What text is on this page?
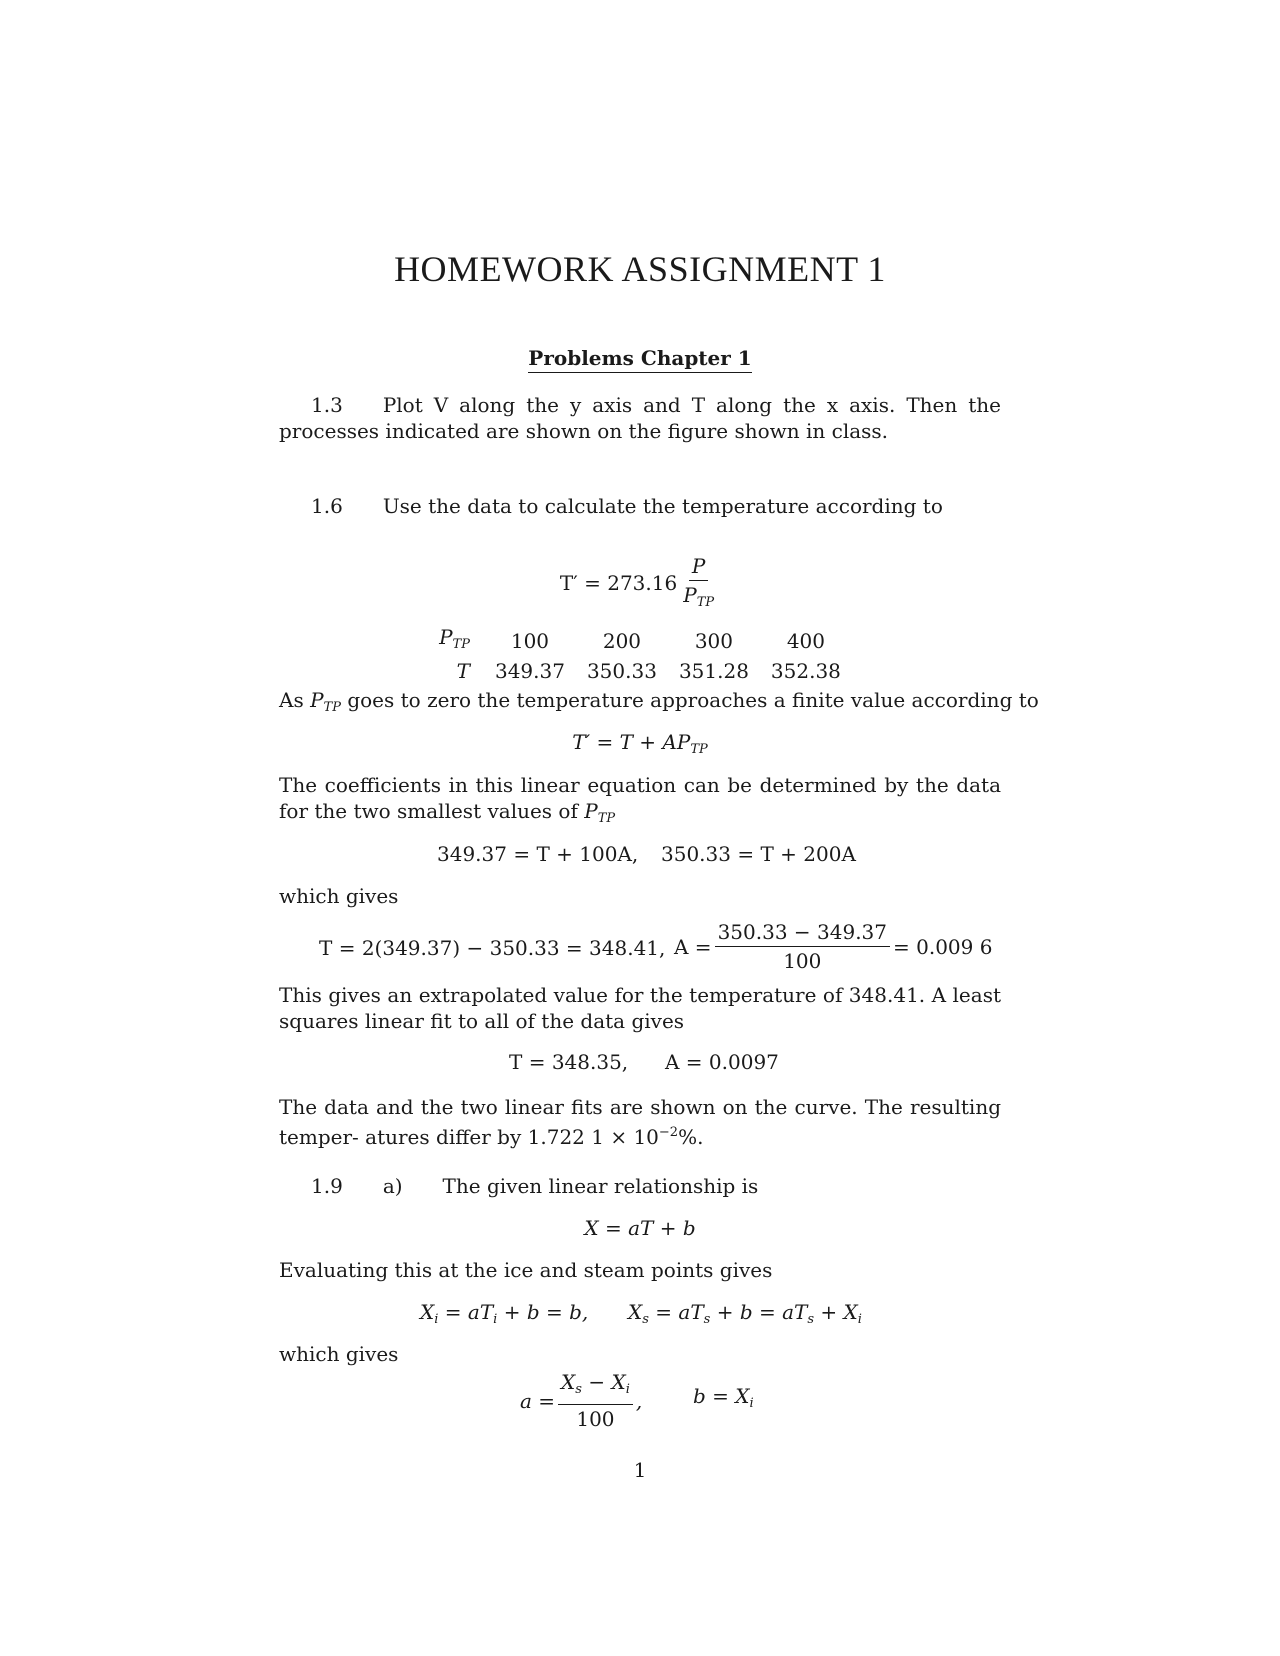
HOMEWORK ASSIGNMENT 1
Problems Chapter 1
1.3 Plot V along the y axis and T along the x axis. Then the processes indicated are shown on the figure shown in class.
1.6 Use the data to calculate the temperature according to
$T' = 273.16 \frac{P}{P_{TP}}$
$P_{TP}$	100	200	300	400
T	349.37	350.33	351.28	352.38
As $P_{TP}$ goes to zero the temperature approaches a finite value according to
$T' = T + AP_{TP}$
The coefficients in this linear equation can be determined by the data for the two smallest values of $P_{TP}$
349.37 = T + 100A, 350.33 = T + 200A
which gives
T = 2(349.37) − 350.33 = 348.41, $A = \frac{350.33 - 349.37}{100} = 0.009$ 6
This gives an extrapolated value for the temperature of 348.41. A least squares linear fit to all of the data gives
T = 348.35, A = 0.0097
The data and the two linear fits are shown on the curve. The resulting temper- atures differ by 1.722 $1 \times 10^{-2}\%$.
1.9 a) The given linear relationship is
X = aT + b
Evaluating this at the ice and steam points gives
$X_i = aT_i + b = b$, $X_s = aT_s + b = aT_s + X_i$
which gives
$a = \frac{X_s - X_i}{100}$ ,	$b = X_i$
1
